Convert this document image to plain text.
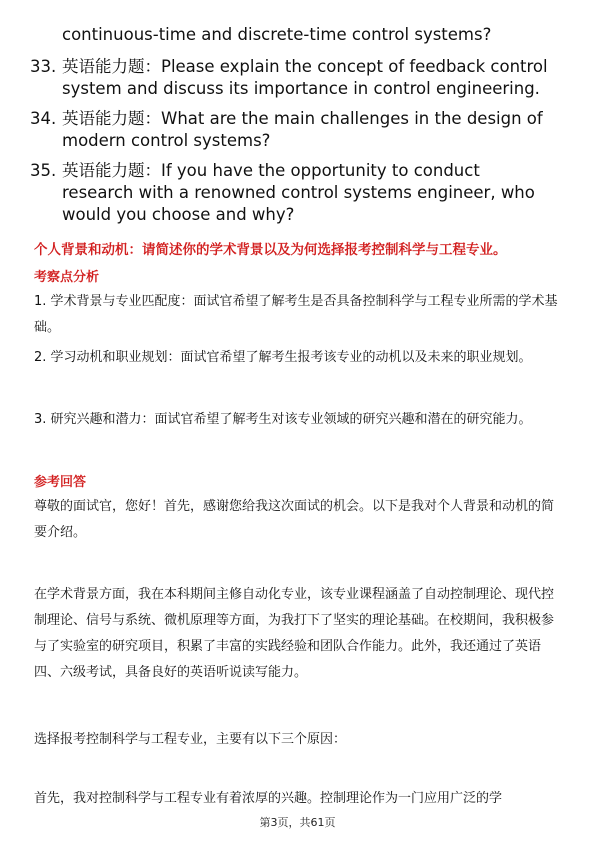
continuous-time and discrete-time control systems?
33. 英语能力题：Please explain the concept of feedback control system and discuss its importance in control engineering.
34. 英语能力题：What are the main challenges in the design of modern control systems?
35. 英语能力题：If you have the opportunity to conduct research with a renowned control systems engineer, who would you choose and why?
个人背景和动机：请简述你的学术背景以及为何选择报考控制科学与工程专业。
考察点分析
1. 学术背景与专业匹配度：面试官希望了解考生是否具备控制科学与工程专业所需的学术基础。
2. 学习动机和职业规划：面试官希望了解考生报考该专业的动机以及未来的职业规划。
3. 研究兴趣和潜力：面试官希望了解考生对该专业领域的研究兴趣和潜在的研究能力。
参考回答
尊敬的面试官，您好！首先，感谢您给我这次面试的机会。以下是我对个人背景和动机的简要介绍。
在学术背景方面，我在本科期间主修自动化专业，该专业课程涵盖了自动控制理论、现代控制理论、信号与系统、微机原理等方面，为我打下了坚实的理论基础。在校期间，我积极参与了实验室的研究项目，积累了丰富的实践经验和团队合作能力。此外，我还通过了英语四、六级考试，具备良好的英语听说读写能力。
选择报考控制科学与工程专业，主要有以下三个原因：
首先，我对控制科学与工程专业有着浓厚的兴趣。控制理论作为一门应用广泛的学
第3页，共61页
